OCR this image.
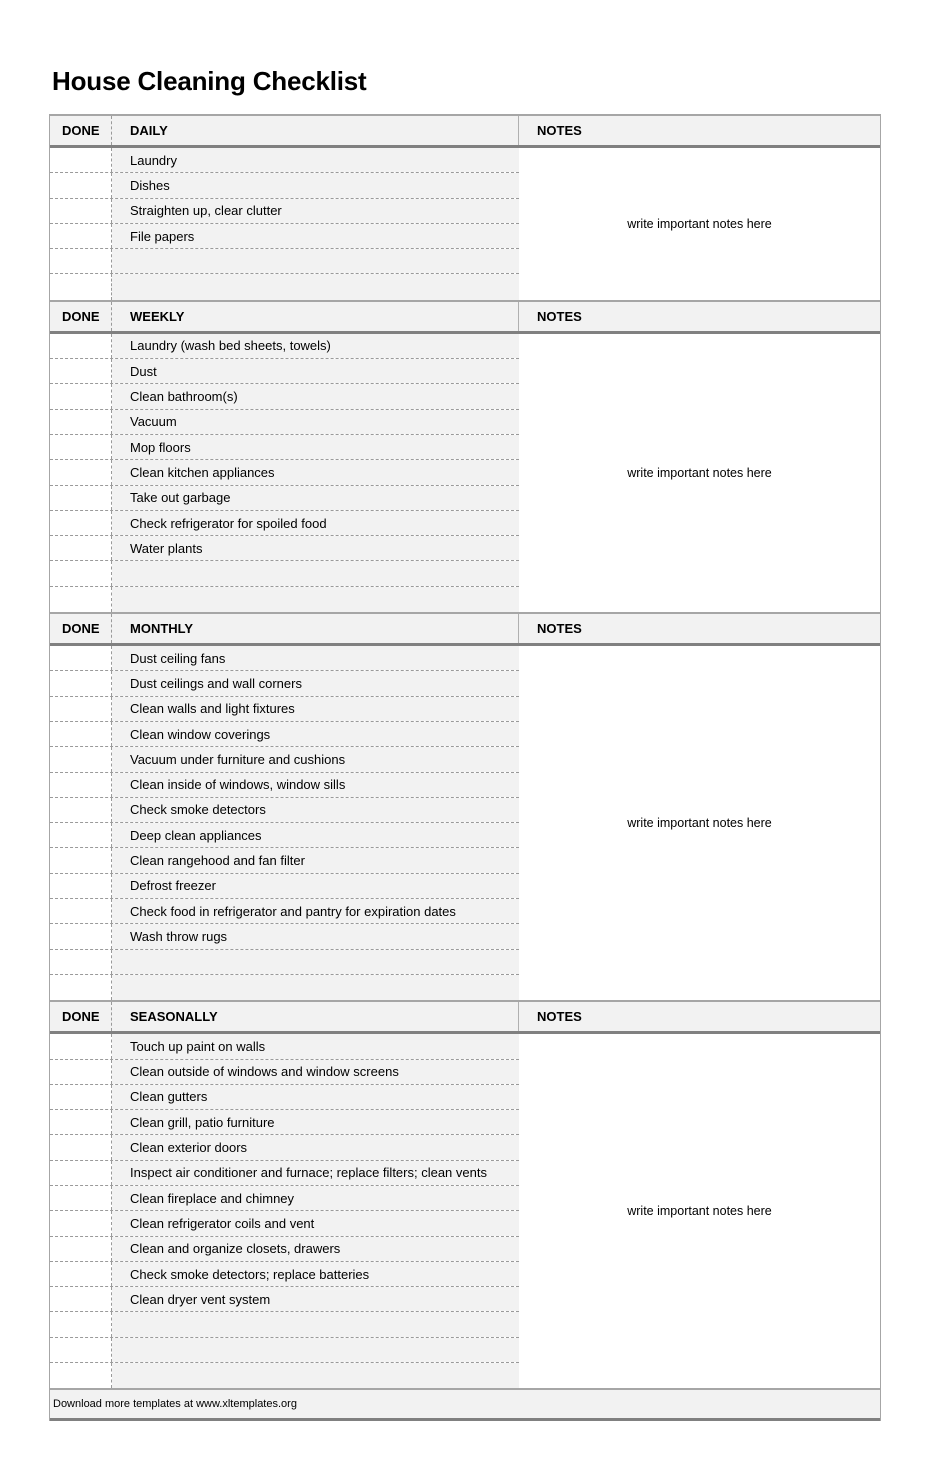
House Cleaning Checklist
DONE	DAILY	NOTES
Laundry
Dishes
Straighten up, clear clutter
File papers
write important notes here
DONE	WEEKLY	NOTES
Laundry (wash bed sheets, towels)
Dust
Clean bathroom(s)
Vacuum
Mop floors
Clean kitchen appliances
Take out garbage
Check refrigerator for spoiled food
Water plants
write important notes here
DONE	MONTHLY	NOTES
Dust ceiling fans
Dust ceilings and wall corners
Clean walls and light fixtures
Clean window coverings
Vacuum under furniture and cushions
Clean inside of windows, window sills
Check smoke detectors
Deep clean appliances
Clean rangehood and fan filter
Defrost freezer
Check food in refrigerator and pantry for expiration dates
Wash throw rugs
write important notes here
DONE	SEASONALLY	NOTES
Touch up paint on walls
Clean outside of windows and window screens
Clean gutters
Clean grill, patio furniture
Clean exterior doors
Inspect air conditioner and furnace; replace filters; clean vents
Clean fireplace and chimney
Clean refrigerator coils and vent
Clean and organize closets, drawers
Check smoke detectors; replace batteries
Clean dryer vent system
write important notes here
Download more templates at www.xltemplates.org
